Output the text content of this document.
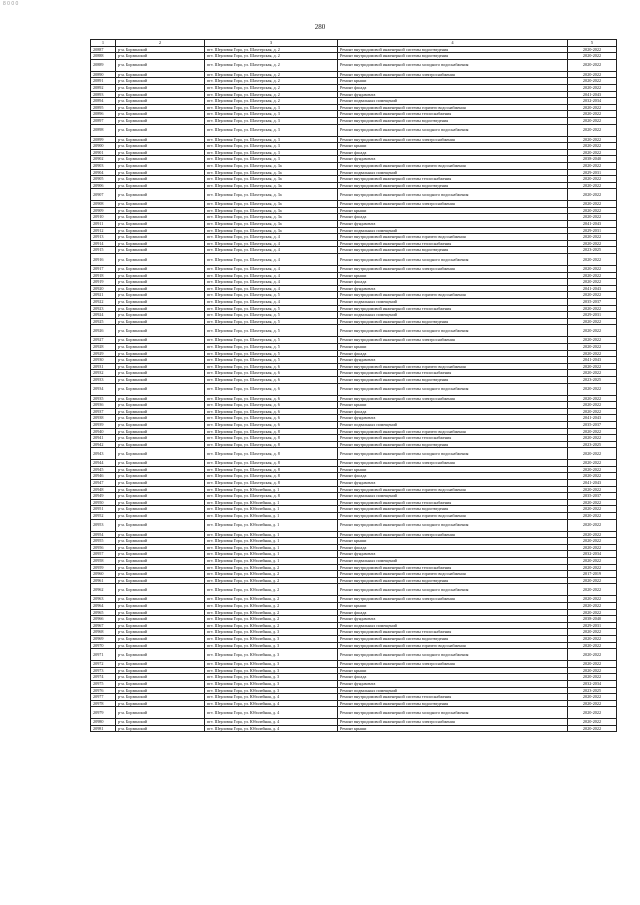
8 0 0 0
280
1	2	3	4	5
20887	р-н. Борзинский	пгт. Шерловая Гора, ул. Шахтерская, д. 2	Ремонт внутридомовой инженерной системы водоотведения	2020-2022
20888	р-н. Борзинский	пгт. Шерловая Гора, ул. Шахтерская, д. 2	Ремонт внутридомовой инженерной системы водоотведения	2020-2022
20889	р-н. Борзинский	пгт. Шерловая Гора, ул. Шахтерская, д. 2	Ремонт внутридомовой инженерной системы холодного водоснабжения	2020-2022
20890	р-н. Борзинский	пгт. Шерловая Гора, ул. Шахтерская, д. 2	Ремонт внутридомовой инженерной системы электроснабжения	2020-2022
20891	р-н. Борзинский	пгт. Шерловая Гора, ул. Шахтерская, д. 2	Ремонт крыши	2020-2022
20892	р-н. Борзинский	пгт. Шерловая Гора, ул. Шахтерская, д. 2	Ремонт фасада	2020-2022
20893	р-н. Борзинский	пгт. Шерловая Гора, ул. Шахтерская, д. 2	Ремонт фундамента	2041-2043
20894	р-н. Борзинский	пгт. Шерловая Гора, ул. Шахтерская, д. 2	Ремонт подвальных помещений	2032-2034
20895	р-н. Борзинский	пгт. Шерловая Гора, ул. Шахтерская, д. 3	Ремонт внутридомовой инженерной системы горячего водоснабжения	2020-2022
20896	р-н. Борзинский	пгт. Шерловая Гора, ул. Шахтерская, д. 3	Ремонт внутридомовой инженерной системы теплоснабжения	2020-2022
20897	р-н. Борзинский	пгт. Шерловая Гора, ул. Шахтерская, д. 3	Ремонт внутридомовой инженерной системы водоотведения	2020-2022
20898	р-н. Борзинский	пгт. Шерловая Гора, ул. Шахтерская, д. 3	Ремонт внутридомовой инженерной системы холодного водоснабжения	2020-2022
20899	р-н. Борзинский	пгт. Шерловая Гора, ул. Шахтерская, д. 3	Ремонт внутридомовой инженерной системы электроснабжения	2020-2022
20900	р-н. Борзинский	пгт. Шерловая Гора, ул. Шахтерская, д. 3	Ремонт крыши	2020-2022
20901	р-н. Борзинский	пгт. Шерловая Гора, ул. Шахтерская, д. 3	Ремонт фасада	2020-2022
20902	р-н. Борзинский	пгт. Шерловая Гора, ул. Шахтерская, д. 3	Ремонт фундамента	2038-2040
20903	р-н. Борзинский	пгт. Шерловая Гора, ул. Шахтерская, д. 3а	Ремонт внутридомовой инженерной системы горячего водоснабжения	2020-2022
20904	р-н. Борзинский	пгт. Шерловая Гора, ул. Шахтерская, д. 3а	Ремонт подвальных помещений	2029-2031
20905	р-н. Борзинский	пгт. Шерловая Гора, ул. Шахтерская, д. 3а	Ремонт внутридомовой инженерной системы теплоснабжения	2020-2022
20906	р-н. Борзинский	пгт. Шерловая Гора, ул. Шахтерская, д. 3а	Ремонт внутридомовой инженерной системы водоотведения	2020-2022
20907	р-н. Борзинский	пгт. Шерловая Гора, ул. Шахтерская, д. 3а	Ремонт внутридомовой инженерной системы холодного водоснабжения	2020-2022
20908	р-н. Борзинский	пгт. Шерловая Гора, ул. Шахтерская, д. 3а	Ремонт внутридомовой инженерной системы электроснабжения	2020-2022
20909	р-н. Борзинский	пгт. Шерловая Гора, ул. Шахтерская, д. 3а	Ремонт крыши	2020-2022
20910	р-н. Борзинский	пгт. Шерловая Гора, ул. Шахтерская, д. 3а	Ремонт фасада	2020-2022
20911	р-н. Борзинский	пгт. Шерловая Гора, ул. Шахтерская, д. 3а	Ремонт фундамента	2041-2043
20912	р-н. Борзинский	пгт. Шерловая Гора, ул. Шахтерская, д. 3а	Ремонт подвальных помещений	2029-2031
20913	р-н. Борзинский	пгт. Шерловая Гора, ул. Шахтерская, д. 4	Ремонт внутридомовой инженерной системы горячего водоснабжения	2020-2022
20914	р-н. Борзинский	пгт. Шерловая Гора, ул. Шахтерская, д. 4	Ремонт внутридомовой инженерной системы теплоснабжения	2020-2022
20915	р-н. Борзинский	пгт. Шерловая Гора, ул. Шахтерская, д. 4	Ремонт внутридомовой инженерной системы водоотведения	2023-2025
20916	р-н. Борзинский	пгт. Шерловая Гора, ул. Шахтерская, д. 4	Ремонт внутридомовой инженерной системы холодного водоснабжения	2020-2022
20917	р-н. Борзинский	пгт. Шерловая Гора, ул. Шахтерская, д. 4	Ремонт внутридомовой инженерной системы электроснабжения	2020-2022
20918	р-н. Борзинский	пгт. Шерловая Гора, ул. Шахтерская, д. 4	Ремонт крыши	2020-2022
20919	р-н. Борзинский	пгт. Шерловая Гора, ул. Шахтерская, д. 4	Ремонт фасада	2020-2022
20920	р-н. Борзинский	пгт. Шерловая Гора, ул. Шахтерская, д. 4	Ремонт фундамента	2041-2043
20921	р-н. Борзинский	пгт. Шерловая Гора, ул. Шахтерская, д. 5	Ремонт внутридомовой инженерной системы горячего водоснабжения	2020-2022
20922	р-н. Борзинский	пгт. Шерловая Гора, ул. Шахтерская, д. 4	Ремонт подвальных помещений	2035-2037
20923	р-н. Борзинский	пгт. Шерловая Гора, ул. Шахтерская, д. 5	Ремонт внутридомовой инженерной системы теплоснабжения	2020-2022
20924	р-н. Борзинский	пгт. Шерловая Гора, ул. Шахтерская, д. 5	Ремонт подвальных помещений	2029-2031
20925	р-н. Борзинский	пгт. Шерловая Гора, ул. Шахтерская, д. 5	Ремонт внутридомовой инженерной системы водоотведения	2020-2022
20926	р-н. Борзинский	пгт. Шерловая Гора, ул. Шахтерская, д. 5	Ремонт внутридомовой инженерной системы холодного водоснабжения	2020-2022
20927	р-н. Борзинский	пгт. Шерловая Гора, ул. Шахтерская, д. 5	Ремонт внутридомовой инженерной системы электроснабжения	2020-2022
20928	р-н. Борзинский	пгт. Шерловая Гора, ул. Шахтерская, д. 5	Ремонт крыши	2020-2022
20929	р-н. Борзинский	пгт. Шерловая Гора, ул. Шахтерская, д. 5	Ремонт фасада	2020-2022
20930	р-н. Борзинский	пгт. Шерловая Гора, ул. Шахтерская, д. 5	Ремонт фундамента	2041-2043
20931	р-н. Борзинский	пгт. Шерловая Гора, ул. Шахтерская, д. 6	Ремонт внутридомовой инженерной системы горячего водоснабжения	2020-2022
20932	р-н. Борзинский	пгт. Шерловая Гора, ул. Шахтерская, д. 6	Ремонт внутридомовой инженерной системы теплоснабжения	2020-2022
20933	р-н. Борзинский	пгт. Шерловая Гора, ул. Шахтерская, д. 6	Ремонт внутридомовой инженерной системы водоотведения	2023-2025
20934	р-н. Борзинский	пгт. Шерловая Гора, ул. Шахтерская, д. 6	Ремонт внутридомовой инженерной системы холодного водоснабжения	2020-2022
20935	р-н. Борзинский	пгт. Шерловая Гора, ул. Шахтерская, д. 6	Ремонт внутридомовой инженерной системы электроснабжения	2020-2022
20936	р-н. Борзинский	пгт. Шерловая Гора, ул. Шахтерская, д. 6	Ремонт крыши	2020-2022
20937	р-н. Борзинский	пгт. Шерловая Гора, ул. Шахтерская, д. 6	Ремонт фасада	2020-2022
20938	р-н. Борзинский	пгт. Шерловая Гора, ул. Шахтерская, д. 6	Ремонт фундамента	2041-2043
20939	р-н. Борзинский	пгт. Шерловая Гора, ул. Шахтерская, д. 6	Ремонт подвальных помещений	2035-2037
20940	р-н. Борзинский	пгт. Шерловая Гора, ул. Шахтерская, д. 8	Ремонт внутридомовой инженерной системы горячего водоснабжения	2020-2022
20941	р-н. Борзинский	пгт. Шерловая Гора, ул. Шахтерская, д. 8	Ремонт внутридомовой инженерной системы теплоснабжения	2020-2022
20942	р-н. Борзинский	пгт. Шерловая Гора, ул. Шахтерская, д. 8	Ремонт внутридомовой инженерной системы водоотведения	2023-2025
20943	р-н. Борзинский	пгт. Шерловая Гора, ул. Шахтерская, д. 8	Ремонт внутридомовой инженерной системы холодного водоснабжения	2020-2022
20944	р-н. Борзинский	пгт. Шерловая Гора, ул. Шахтерская, д. 8	Ремонт внутридомовой инженерной системы электроснабжения	2020-2022
20945	р-н. Борзинский	пгт. Шерловая Гора, ул. Шахтерская, д. 8	Ремонт крыши	2020-2022
20946	р-н. Борзинский	пгт. Шерловая Гора, ул. Шахтерская, д. 8	Ремонт фасада	2020-2022
20947	р-н. Борзинский	пгт. Шерловая Гора, ул. Шахтерская, д. 8	Ремонт фундамента	2041-2043
20948	р-н. Борзинский	пгт. Шерловая Гора, ул. Юбилейная, д. 1	Ремонт внутридомовой инженерной системы горячего водоснабжения	2020-2022
20949	р-н. Борзинский	пгт. Шерловая Гора, ул. Шахтерская, д. 8	Ремонт подвальных помещений	2035-2037
20950	р-н. Борзинский	пгт. Шерловая Гора, ул. Юбилейная, д. 1	Ремонт внутридомовой инженерной системы теплоснабжения	2020-2022
20951	р-н. Борзинский	пгт. Шерловая Гора, ул. Юбилейная, д. 1	Ремонт внутридомовой инженерной системы водоотведения	2020-2022
20952	р-н. Борзинский	пгт. Шерловая Гора, ул. Юбилейная, д. 1	Ремонт внутридомовой инженерной системы горячего водоснабжения	2020-2022
20953	р-н. Борзинский	пгт. Шерловая Гора, ул. Юбилейная, д. 1	Ремонт внутридомовой инженерной системы холодного водоснабжения	2020-2022
20954	р-н. Борзинский	пгт. Шерловая Гора, ул. Юбилейная, д. 1	Ремонт внутридомовой инженерной системы электроснабжения	2020-2022
20955	р-н. Борзинский	пгт. Шерловая Гора, ул. Юбилейная, д. 1	Ремонт крыши	2020-2022
20956	р-н. Борзинский	пгт. Шерловая Гора, ул. Юбилейная, д. 1	Ремонт фасада	2020-2022
20957	р-н. Борзинский	пгт. Шерловая Гора, ул. Юбилейная, д. 1	Ремонт фундамента	2032-2034
20958	р-н. Борзинский	пгт. Шерловая Гора, ул. Юбилейная, д. 1	Ремонт подвальных помещений	2020-2022
20959	р-н. Борзинский	пгт. Шерловая Гора, ул. Юбилейная, д. 2	Ремонт внутридомовой инженерной системы теплоснабжения	2020-2022
20960	р-н. Борзинский	пгт. Шерловая Гора, ул. Юбилейная, д. 2	Ремонт внутридомовой инженерной системы горячего водоснабжения	2017-2019
20961	р-н. Борзинский	пгт. Шерловая Гора, ул. Юбилейная, д. 2	Ремонт внутридомовой инженерной системы водоотведения	2020-2022
20962	р-н. Борзинский	пгт. Шерловая Гора, ул. Юбилейная, д. 2	Ремонт внутридомовой инженерной системы холодного водоснабжения	2020-2022
20963	р-н. Борзинский	пгт. Шерловая Гора, ул. Юбилейная, д. 2	Ремонт внутридомовой инженерной системы электроснабжения	2020-2022
20964	р-н. Борзинский	пгт. Шерловая Гора, ул. Юбилейная, д. 2	Ремонт крыши	2020-2022
20965	р-н. Борзинский	пгт. Шерловая Гора, ул. Юбилейная, д. 2	Ремонт фасада	2020-2022
20966	р-н. Борзинский	пгт. Шерловая Гора, ул. Юбилейная, д. 2	Ремонт фундамента	2038-2040
20967	р-н. Борзинский	пгт. Шерловая Гора, ул. Юбилейная, д. 2	Ремонт подвальных помещений	2029-2031
20968	р-н. Борзинский	пгт. Шерловая Гора, ул. Юбилейная, д. 3	Ремонт внутридомовой инженерной системы теплоснабжения	2020-2022
20969	р-н. Борзинский	пгт. Шерловая Гора, ул. Юбилейная, д. 3	Ремонт внутридомовой инженерной системы водоотведения	2020-2022
20970	р-н. Борзинский	пгт. Шерловая Гора, ул. Юбилейная, д. 3	Ремонт внутридомовой инженерной системы горячего водоснабжения	2020-2022
20971	р-н. Борзинский	пгт. Шерловая Гора, ул. Юбилейная, д. 3	Ремонт внутридомовой инженерной системы холодного водоснабжения	2020-2022
20972	р-н. Борзинский	пгт. Шерловая Гора, ул. Юбилейная, д. 3	Ремонт внутридомовой инженерной системы электроснабжения	2020-2022
20973	р-н. Борзинский	пгт. Шерловая Гора, ул. Юбилейная, д. 3	Ремонт крыши	2020-2022
20974	р-н. Борзинский	пгт. Шерловая Гора, ул. Юбилейная, д. 3	Ремонт фасада	2020-2022
20975	р-н. Борзинский	пгт. Шерловая Гора, ул. Юбилейная, д. 3	Ремонт фундамента	2032-2034
20976	р-н. Борзинский	пгт. Шерловая Гора, ул. Юбилейная, д. 3	Ремонт подвальных помещений	2023-2025
20977	р-н. Борзинский	пгт. Шерловая Гора, ул. Юбилейная, д. 4	Ремонт внутридомовой инженерной системы теплоснабжения	2020-2022
20978	р-н. Борзинский	пгт. Шерловая Гора, ул. Юбилейная, д. 4	Ремонт внутридомовой инженерной системы водоотведения	2020-2022
20979	р-н. Борзинский	пгт. Шерловая Гора, ул. Юбилейная, д. 4	Ремонт внутридомовой инженерной системы холодного водоснабжения	2020-2022
20980	р-н. Борзинский	пгт. Шерловая Гора, ул. Юбилейная, д. 4	Ремонт внутридомовой инженерной системы электроснабжения	2020-2022
20981	р-н. Борзинский	пгт. Шерловая Гора, ул. Юбилейная, д. 4	Ремонт крыши	2020-2022
